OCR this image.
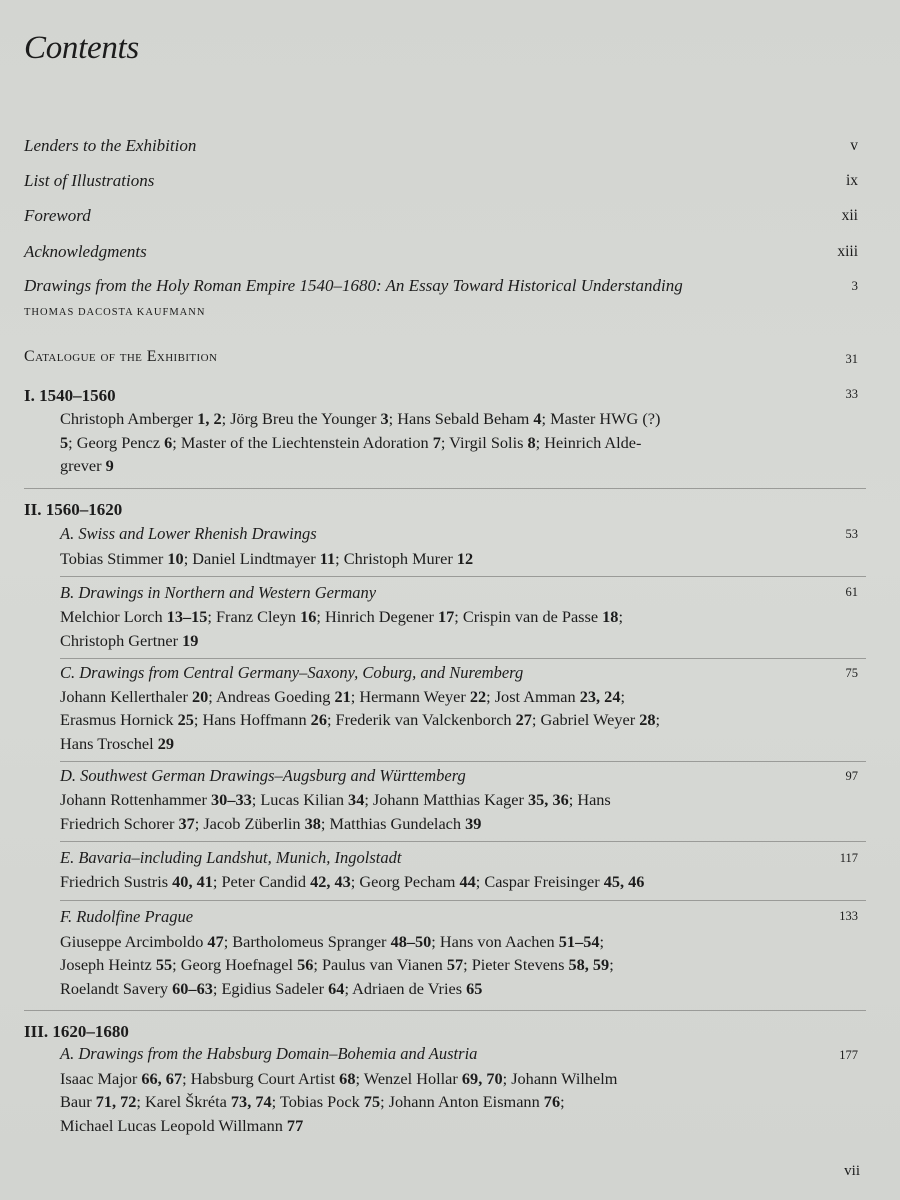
Contents
Lenders to the Exhibition	v
List of Illustrations	ix
Foreword	xii
Acknowledgments	xiii
Drawings from the Holy Roman Empire 1540–1680: An Essay Toward Historical Understanding	3
THOMAS DACOSTA KAUFMANN
Catalogue of the Exhibition	31
I. 1540–1560	33
Christoph Amberger 1, 2; Jörg Breu the Younger 3; Hans Sebald Beham 4; Master HWG (?)
5; Georg Pencz 6; Master of the Liechtenstein Adoration 7; Virgil Solis 8; Heinrich Alde-
grever 9
II. 1560–1620
A. Swiss and Lower Rhenish Drawings	53
Tobias Stimmer 10; Daniel Lindtmayer 11; Christoph Murer 12
B. Drawings in Northern and Western Germany	61
Melchior Lorch 13–15; Franz Cleyn 16; Hinrich Degener 17; Crispin van de Passe 18;
Christoph Gertner 19
C. Drawings from Central Germany–Saxony, Coburg, and Nuremberg	75
Johann Kellerthaler 20; Andreas Goeding 21; Hermann Weyer 22; Jost Amman 23, 24;
Erasmus Hornick 25; Hans Hoffmann 26; Frederik van Valckenborch 27; Gabriel Weyer 28;
Hans Troschel 29
D. Southwest German Drawings–Augsburg and Württemberg	97
Johann Rottenhammer 30–33; Lucas Kilian 34; Johann Matthias Kager 35, 36; Hans
Friedrich Schorer 37; Jacob Züberlin 38; Matthias Gundelach 39
E. Bavaria–including Landshut, Munich, Ingolstadt	117
Friedrich Sustris 40, 41; Peter Candid 42, 43; Georg Pecham 44; Caspar Freisinger 45, 46
F. Rudolfine Prague	133
Giuseppe Arcimboldo 47; Bartholomeus Spranger 48–50; Hans von Aachen 51–54;
Joseph Heintz 55; Georg Hoefnagel 56; Paulus van Vianen 57; Pieter Stevens 58, 59;
Roelandt Savery 60–63; Egidius Sadeler 64; Adriaen de Vries 65
III. 1620–1680
A. Drawings from the Habsburg Domain–Bohemia and Austria	177
Isaac Major 66, 67; Habsburg Court Artist 68; Wenzel Hollar 69, 70; Johann Wilhelm
Baur 71, 72; Karel Škréta 73, 74; Tobias Pock 75; Johann Anton Eismann 76;
Michael Lucas Leopold Willmann 77
vii
